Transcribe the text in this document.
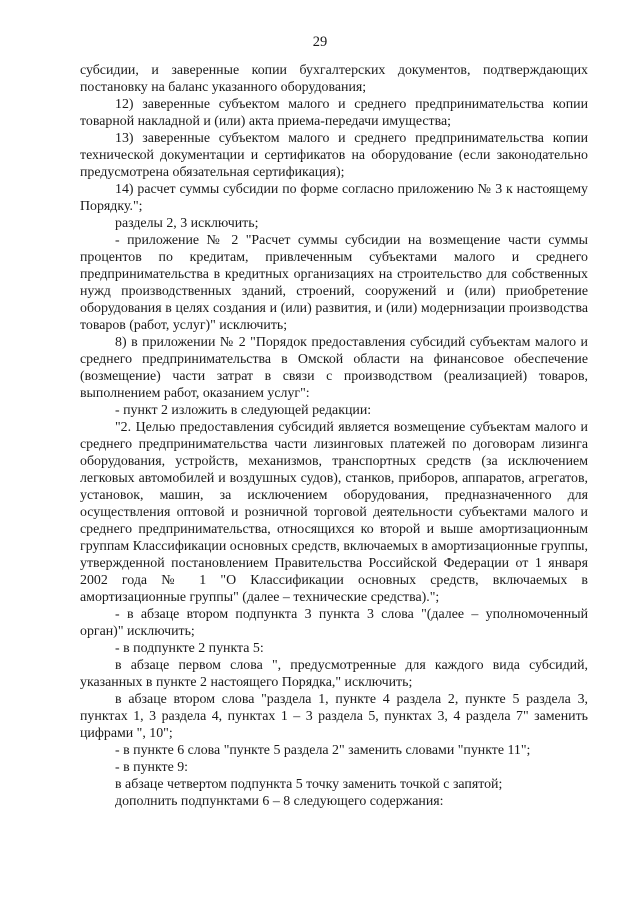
29

субсидии, и заверенные копии бухгалтерских документов, подтверждающих постановку на баланс указанного оборудования;

12) заверенные субъектом малого и среднего предпринимательства копии товарной накладной и (или) акта приема-передачи имущества;

13) заверенные субъектом малого и среднего предпринимательства копии технической документации и сертификатов на оборудование (если законодательно предусмотрена обязательная сертификация);

14) расчет суммы субсидии по форме согласно приложению № 3 к настоящему Порядку.";

разделы 2, 3 исключить;

- приложение № 2 "Расчет суммы субсидии на возмещение части суммы процентов по кредитам, привлеченным субъектами малого и среднего предпринимательства в кредитных организациях на строительство для собственных нужд производственных зданий, строений, сооружений и (или) приобретение оборудования в целях создания и (или) развития, и (или) модернизации производства товаров (работ, услуг)" исключить;

8) в приложении № 2 "Порядок предоставления субсидий субъектам малого и среднего предпринимательства в Омской области на финансовое обеспечение (возмещение) части затрат в связи с производством (реализацией) товаров, выполнением работ, оказанием услуг":

- пункт 2 изложить в следующей редакции:

"2. Целью предоставления субсидий является возмещение субъектам малого и среднего предпринимательства части лизинговых платежей по договорам лизинга оборудования, устройств, механизмов, транспортных средств (за исключением легковых автомобилей и воздушных судов), станков, приборов, аппаратов, агрегатов, установок, машин, за исключением оборудования, предназначенного для осуществления оптовой и розничной торговой деятельности субъектами малого и среднего предпринимательства, относящихся ко второй и выше амортизационным группам Классификации основных средств, включаемых в амортизационные группы, утвержденной постановлением Правительства Российской Федерации от 1 января 2002 года № 1 "О Классификации основных средств, включаемых в амортизационные группы" (далее – технические средства).";

- в абзаце втором подпункта 3 пункта 3 слова "(далее – уполномоченный орган)" исключить;

- в подпункте 2 пункта 5:

в абзаце первом слова ", предусмотренные для каждого вида субсидий, указанных в пункте 2 настоящего Порядка," исключить;

в абзаце втором слова "раздела 1, пункте 4 раздела 2, пункте 5 раздела 3, пунктах 1, 3 раздела 4, пунктах 1 – 3 раздела 5, пунктах 3, 4 раздела 7" заменить цифрами ", 10";

- в пункте 6 слова "пункте 5 раздела 2" заменить словами "пункте 11";

- в пункте 9:

в абзаце четвертом подпункта 5 точку заменить точкой с запятой;

дополнить подпунктами 6 – 8 следующего содержания:
